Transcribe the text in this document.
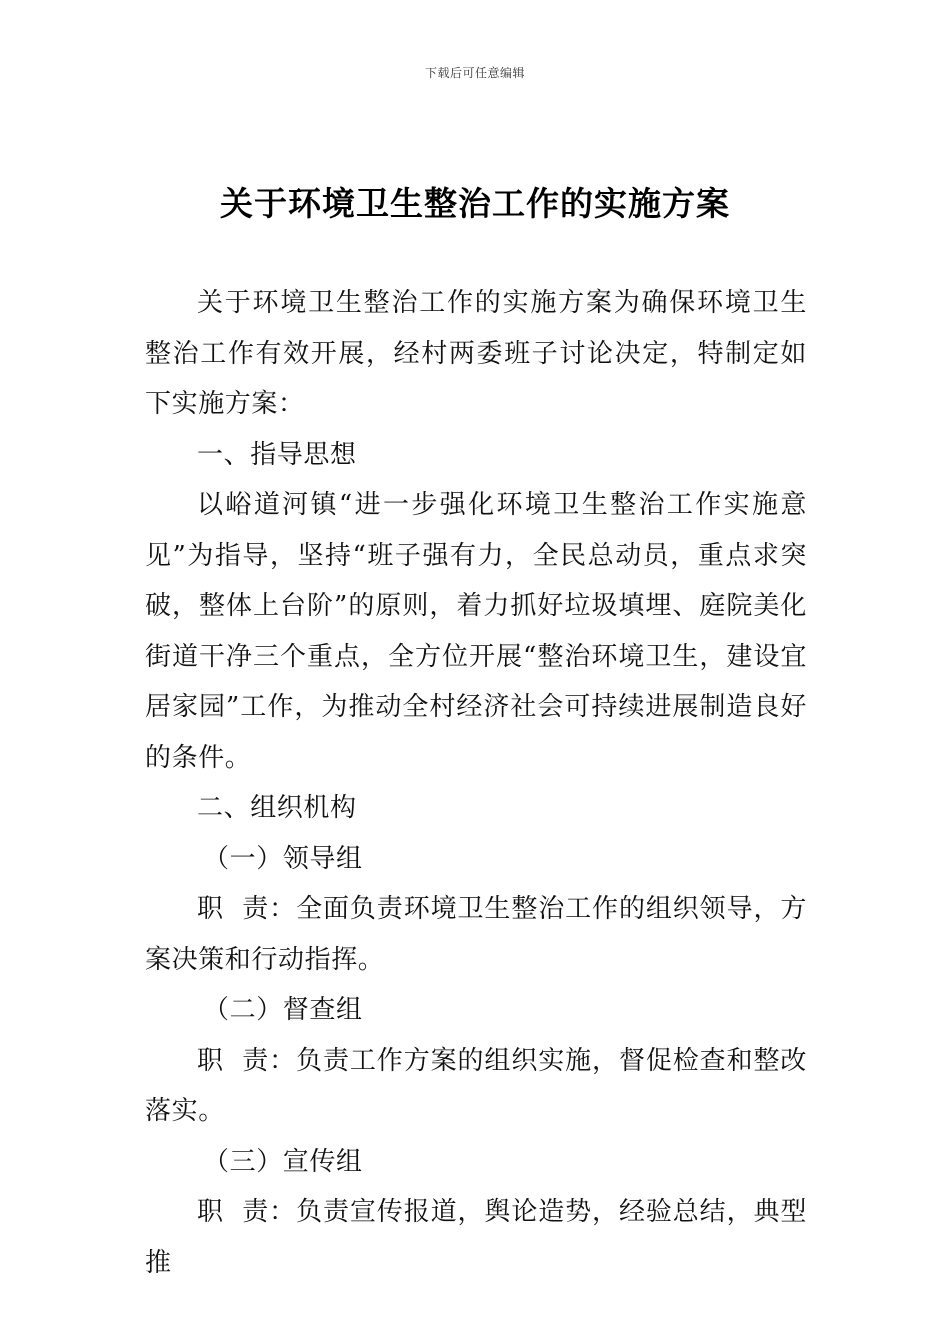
下载后可任意编辑
关于环境卫生整治工作的实施方案

关于环境卫生整治工作的实施方案为确保环境卫生整治工作有效开展，经村两委班子讨论决定，特制定如下实施方案：

一、指导思想

以峪道河镇“进一步强化环境卫生整治工作实施意见”为指导，坚持“班子强有力，全民总动员，重点求突破，整体上台阶”的原则，着力抓好垃圾填埋、庭院美化街道干净三个重点，全方位开展“整治环境卫生，建设宜居家园”工作，为推动全村经济社会可持续进展制造良好的条件。

二、组织机构

（一）领导组

职  责：全面负责环境卫生整治工作的组织领导，方案决策和行动指挥。

（二）督查组

职  责：负责工作方案的组织实施，督促检查和整改落实。

（三）宣传组

职  责：负责宣传报道，舆论造势，经验总结，典型推
